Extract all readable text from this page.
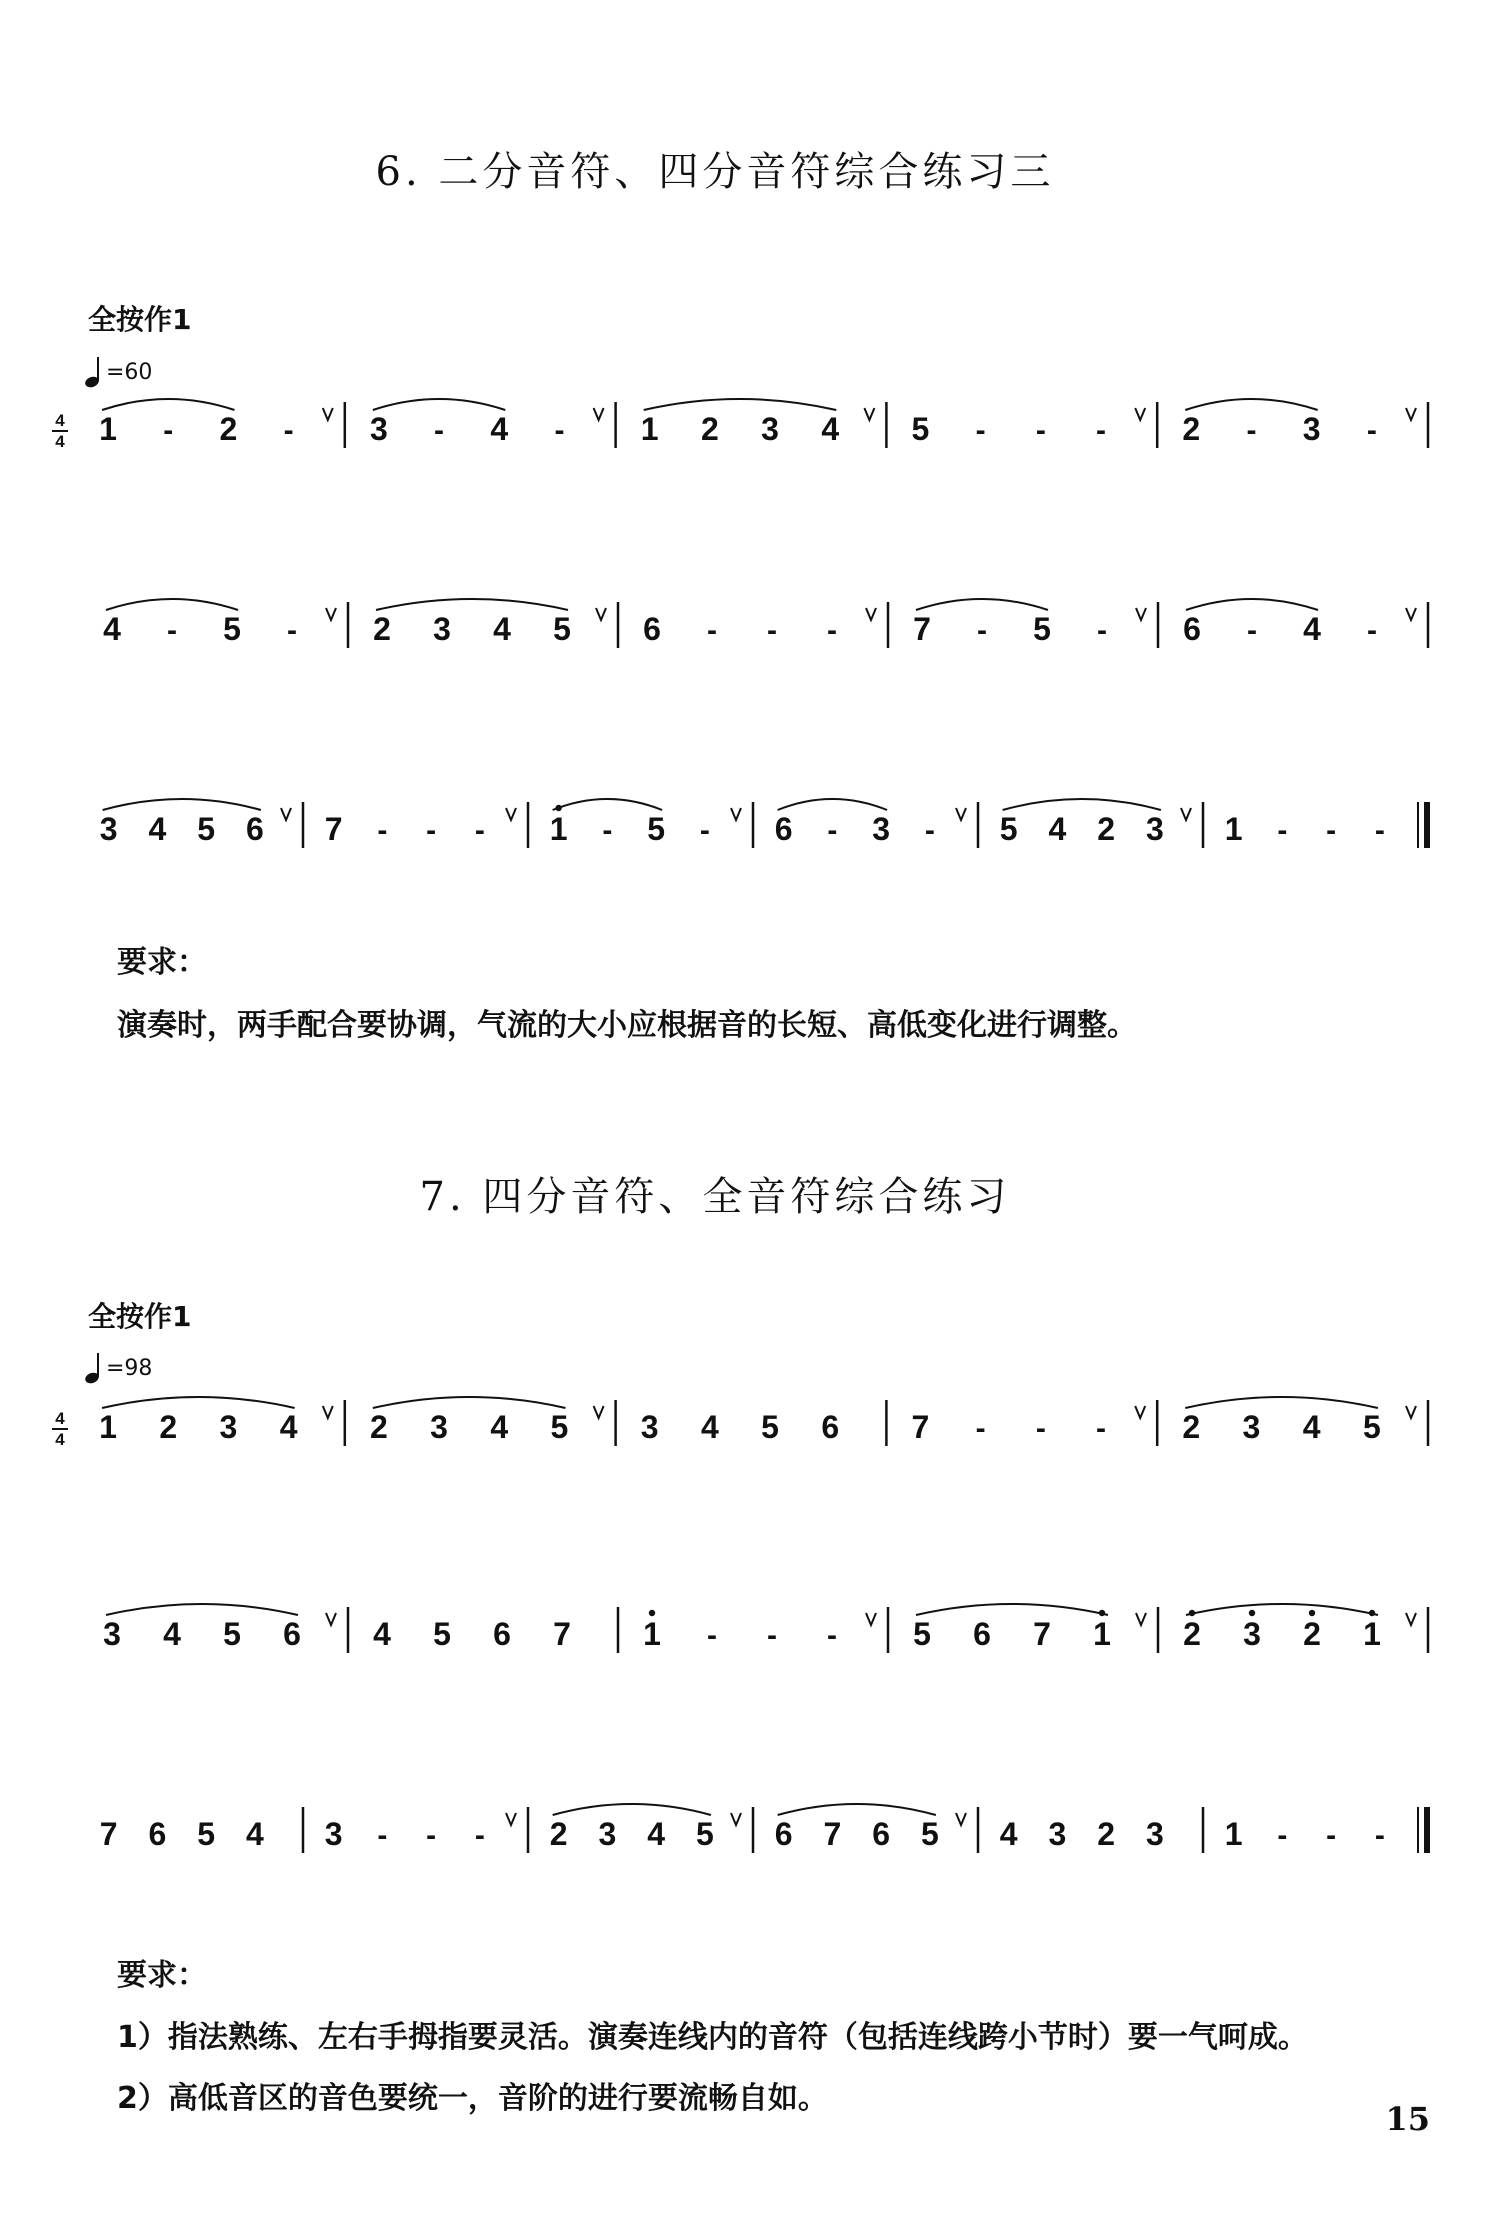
6. 二分音符、四分音符综合练习三
全按作1
=60
要求：
演奏时，两手配合要协调，气流的大小应根据音的长短、高低变化进行调整。
7. 四分音符、全音符综合练习
全按作1
=98
要求：
1）指法熟练、左右手拇指要灵活。演奏连线内的音符（包括连线跨小节时）要一气呵成。
2）高低音区的音色要统一，音阶的进行要流畅自如。
15
4
4 1 - 2 - 3 - 4 - 1 2 3 4 5 - - - 2 - 3 -
4 - 5 - 2 3 4 5 6 - - - 7 - 5 - 6 - 4 -
3 4 5 6 7 - - - 1 - 5 - 6 - 3 - 5 4 2 3 1 - - -
4
4 1 2 3 4 2 3 4 5 3 4 5 6 7 - - - 2 3 4 5
3 4 5 6 4 5 6 7 1 - - - 5 6 7 1 2 3 2 1
7 6 5 4 3 - - - 2 3 4 5 6 7 6 5 4 3 2 3 1 - - -
